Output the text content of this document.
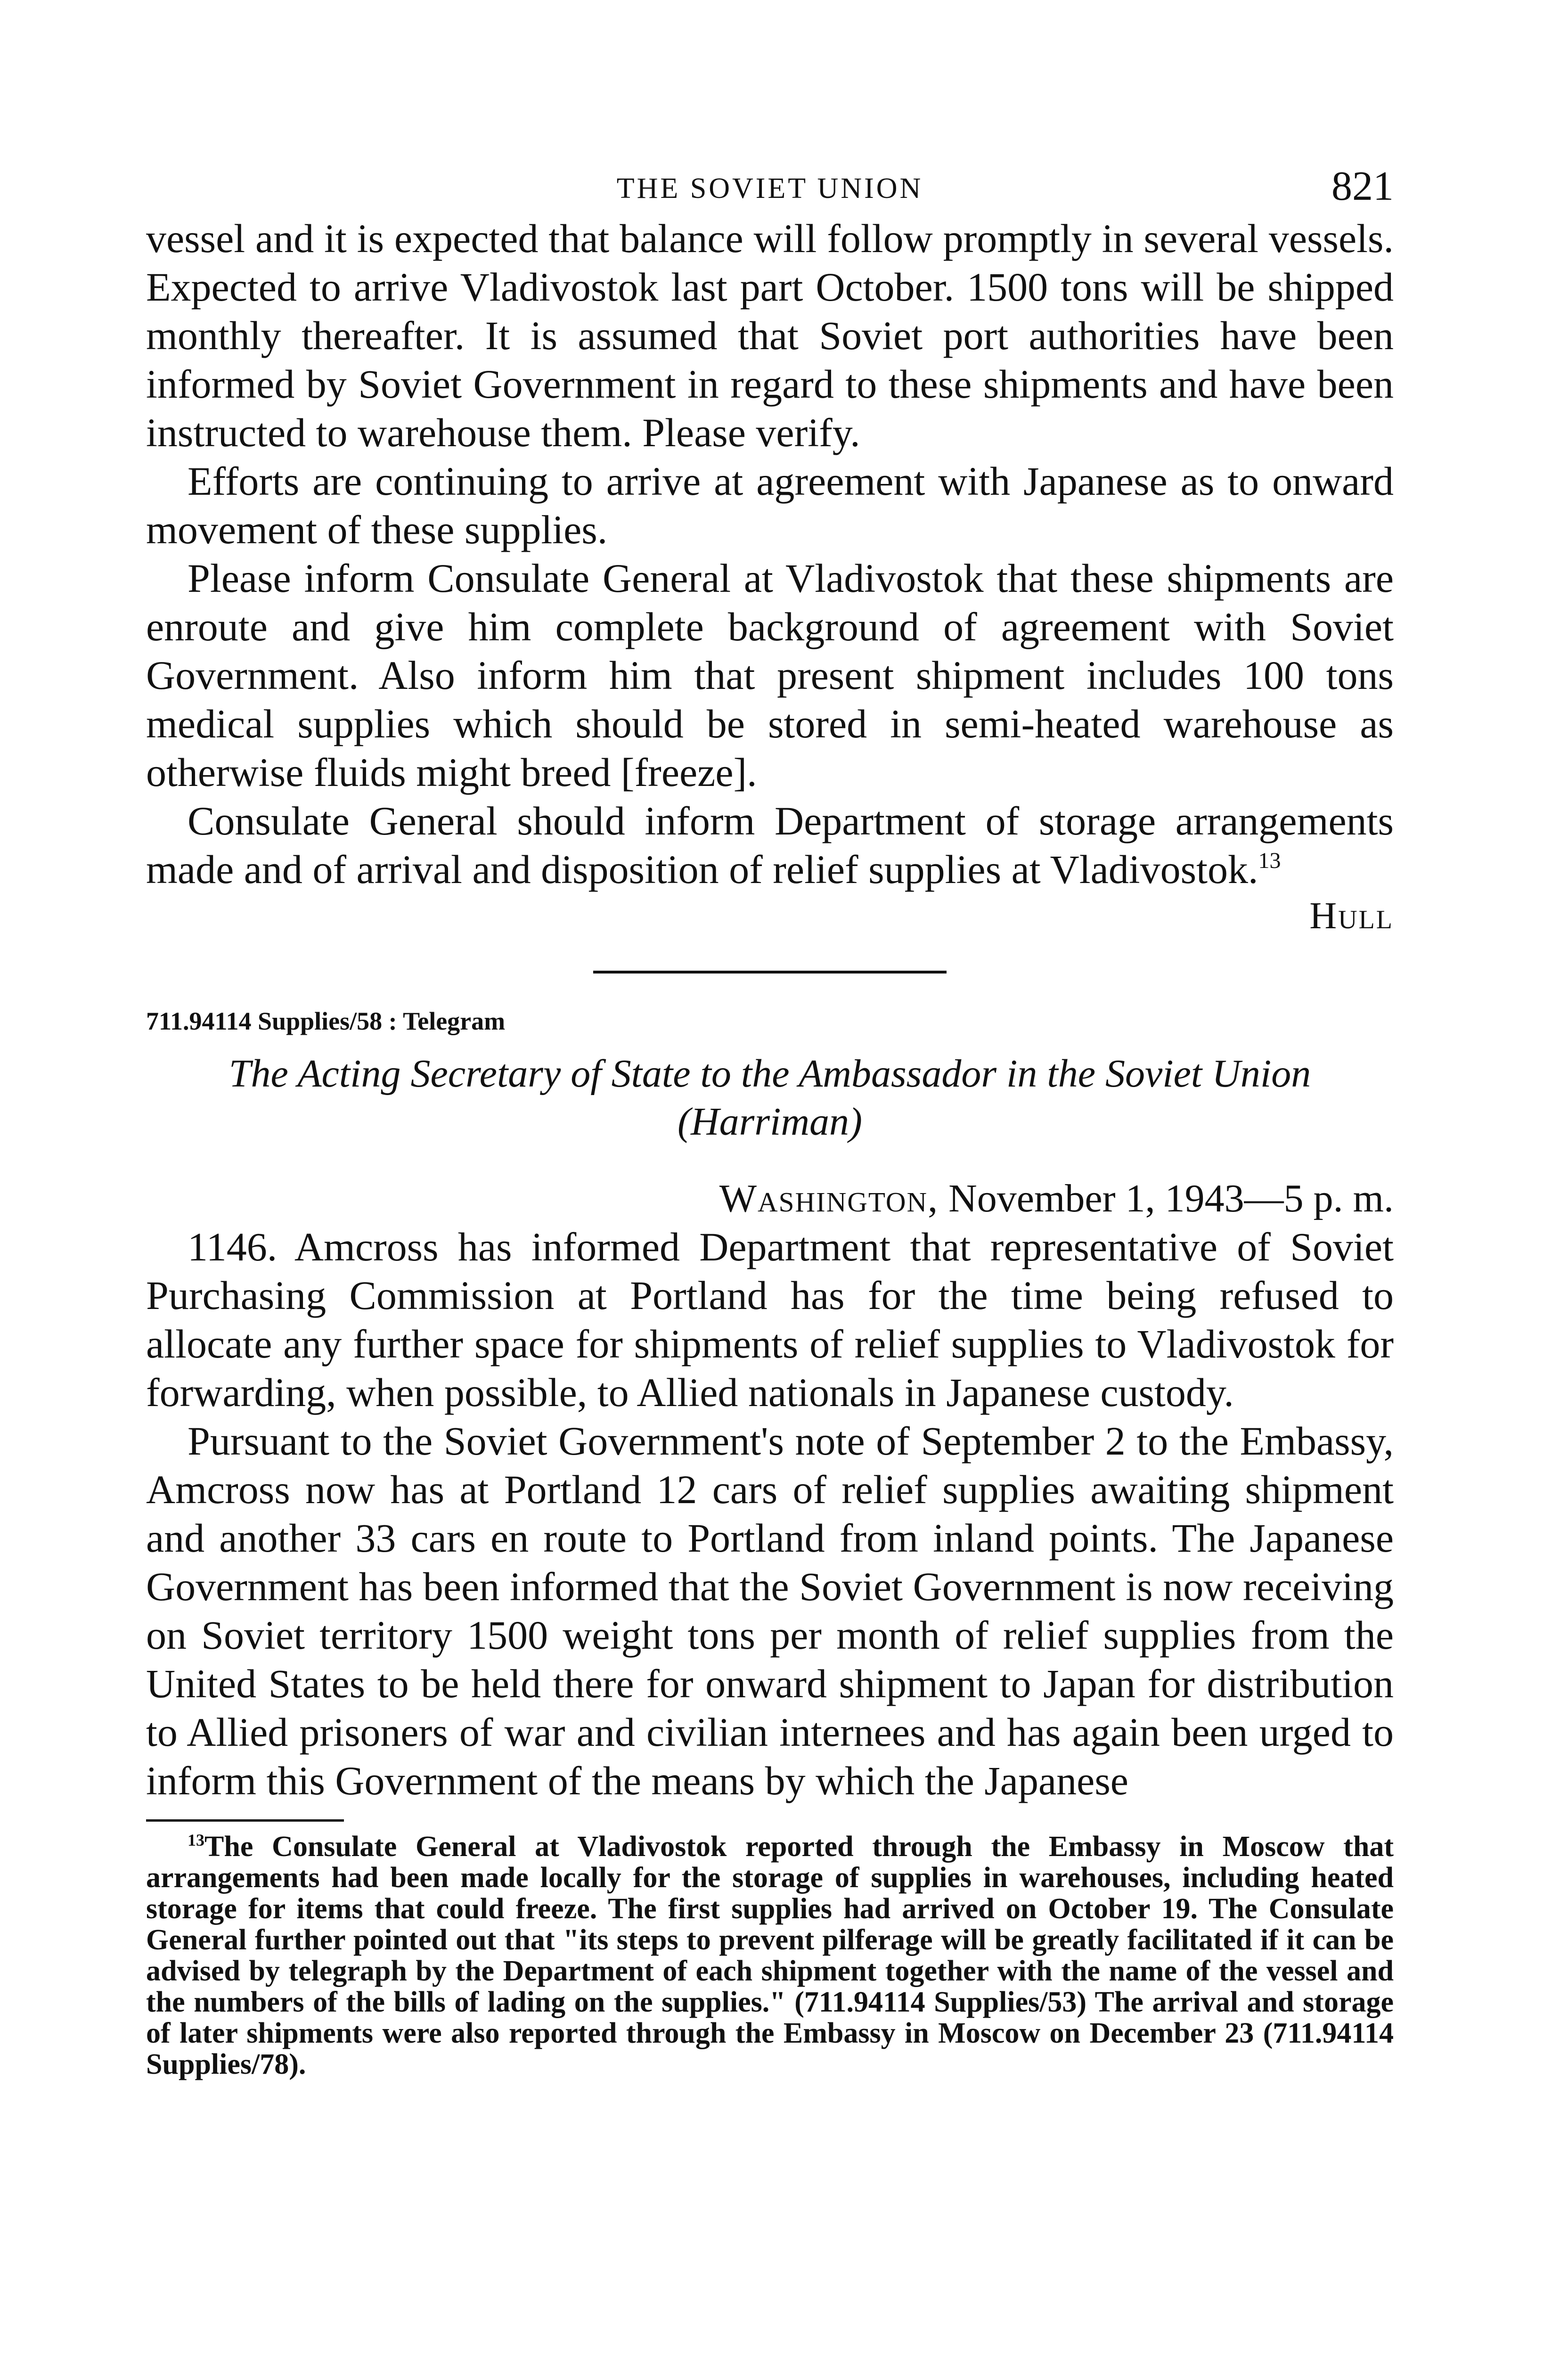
THE SOVIET UNION	821

vessel and it is expected that balance will follow promptly in several vessels. Expected to arrive Vladivostok last part October. 1500 tons will be shipped monthly thereafter. It is assumed that Soviet port authorities have been informed by Soviet Government in regard to these shipments and have been instructed to warehouse them. Please verify.

Efforts are continuing to arrive at agreement with Japanese as to onward movement of these supplies.

Please inform Consulate General at Vladivostok that these shipments are enroute and give him complete background of agreement with Soviet Government. Also inform him that present shipment includes 100 tons medical supplies which should be stored in semi-heated warehouse as otherwise fluids might breed [freeze].

Consulate General should inform Department of storage arrangements made and of arrival and disposition of relief supplies at Vladivostok.$^{13}$

Hull
711.94114 Supplies/58 : Telegram

The Acting Secretary of State to the Ambassador in the Soviet Union
(Harriman)

Washington, November 1, 1943—5 p. m.

1146. Amcross has informed Department that representative of Soviet Purchasing Commission at Portland has for the time being refused to allocate any further space for shipments of relief supplies to Vladivostok for forwarding, when possible, to Allied nationals in Japanese custody.

Pursuant to the Soviet Government's note of September 2 to the Embassy, Amcross now has at Portland 12 cars of relief supplies awaiting shipment and another 33 cars en route to Portland from inland points. The Japanese Government has been informed that the Soviet Government is now receiving on Soviet territory 1500 weight tons per month of relief supplies from the United States to be held there for onward shipment to Japan for distribution to Allied prisoners of war and civilian internees and has again been urged to inform this Government of the means by which the Japanese

$^{13}$The Consulate General at Vladivostok reported through the Embassy in Moscow that arrangements had been made locally for the storage of supplies in warehouses, including heated storage for items that could freeze. The first supplies had arrived on October 19. The Consulate General further pointed out that "its steps to prevent pilferage will be greatly facilitated if it can be advised by telegraph by the Department of each shipment together with the name of the vessel and the numbers of the bills of lading on the supplies." (711.94114 Supplies/53) The arrival and storage of later shipments were also reported through the Embassy in Moscow on December 23 (711.94114 Supplies/78).
